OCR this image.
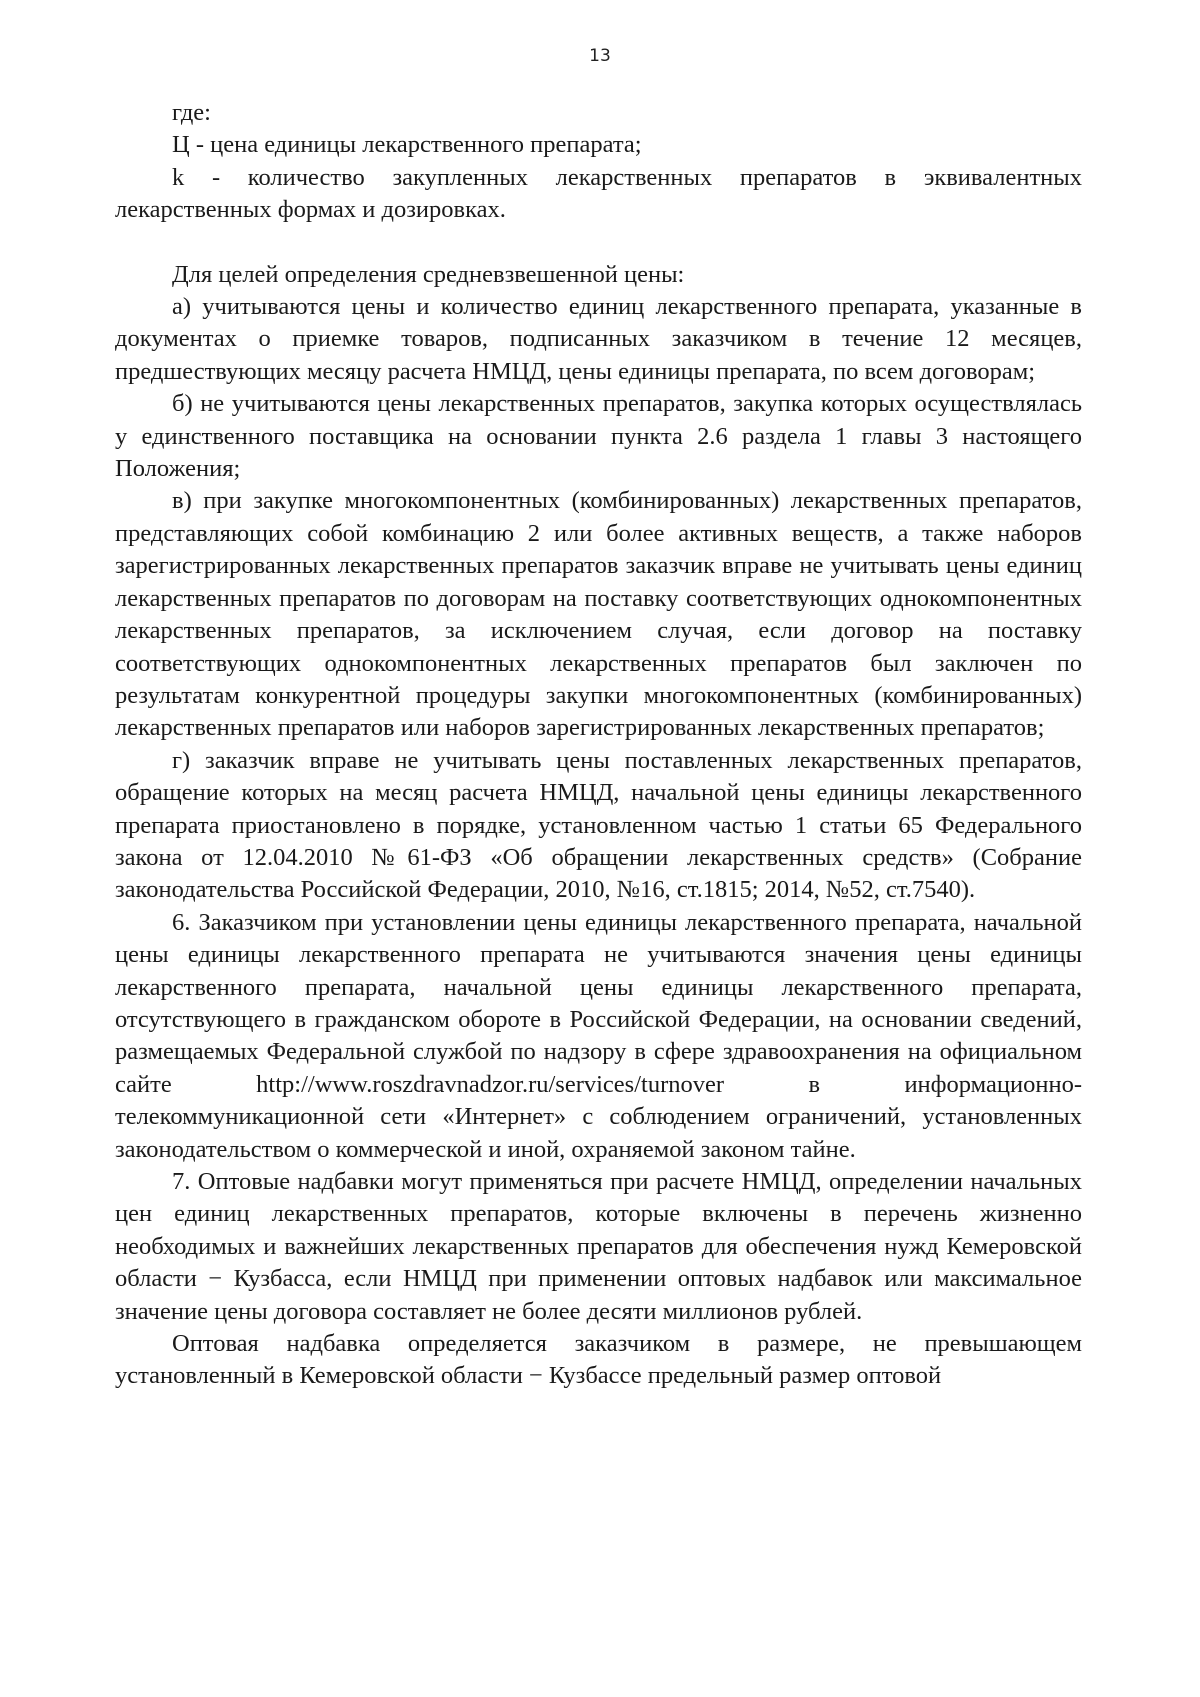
13

где:

Ц - цена единицы лекарственного препарата;

k - количество закупленных лекарственных препаратов в эквивалентных лекарственных формах и дозировках.

Для целей определения средневзвешенной цены:

а) учитываются цены и количество единиц лекарственного препарата, указанные в документах о приемке товаров, подписанных заказчиком в течение 12 месяцев, предшествующих месяцу расчета НМЦД, цены единицы препарата, по всем договорам;

б) не учитываются цены лекарственных препаратов, закупка которых осуществлялась у единственного поставщика на основании пункта 2.6 раздела 1 главы 3 настоящего Положения;

в) при закупке многокомпонентных (комбинированных) лекарственных препаратов, представляющих собой комбинацию 2 или более активных веществ, а также наборов зарегистрированных лекарственных препаратов заказчик вправе не учитывать цены единиц лекарственных препаратов по договорам на поставку соответствующих однокомпонентных лекарственных препаратов, за исключением случая, если договор на поставку соответствующих однокомпонентных лекарственных препаратов был заключен по результатам конкурентной процедуры закупки многокомпонентных (комбинированных) лекарственных препаратов или наборов зарегистрированных лекарственных препаратов;

г) заказчик вправе не учитывать цены поставленных лекарственных препаратов, обращение которых на месяц расчета НМЦД, начальной цены единицы лекарственного препарата приостановлено в порядке, установленном частью 1 статьи 65 Федерального закона от 12.04.2010 №61-ФЗ «Об обращении лекарственных средств» (Собрание законодательства Российской Федерации, 2010, №16, ст.1815; 2014, №52, ст.7540).

6. Заказчиком при установлении цены единицы лекарственного препарата, начальной цены единицы лекарственного препарата не учитываются значения цены единицы лекарственного препарата, начальной цены единицы лекарственного препарата, отсутствующего в гражданском обороте в Российской Федерации, на основании сведений, размещаемых Федеральной службой по надзору в сфере здравоохранения на официальном сайте http://www.roszdravnadzor.ru/services/turnover в информационно-телекоммуникационной сети «Интернет» с соблюдением ограничений, установленных законодательством о коммерческой и иной, охраняемой законом тайне.

7. Оптовые надбавки могут применяться при расчете НМЦД, определении начальных цен единиц лекарственных препаратов, которые включены в перечень жизненно необходимых и важнейших лекарственных препаратов для обеспечения нужд Кемеровской области − Кузбасса, если НМЦД при применении оптовых надбавок или максимальное значение цены договора составляет не более десяти миллионов рублей.

Оптовая надбавка определяется заказчиком в размере, не превышающем установленный в Кемеровской области − Кузбассе предельный размер оптовой
